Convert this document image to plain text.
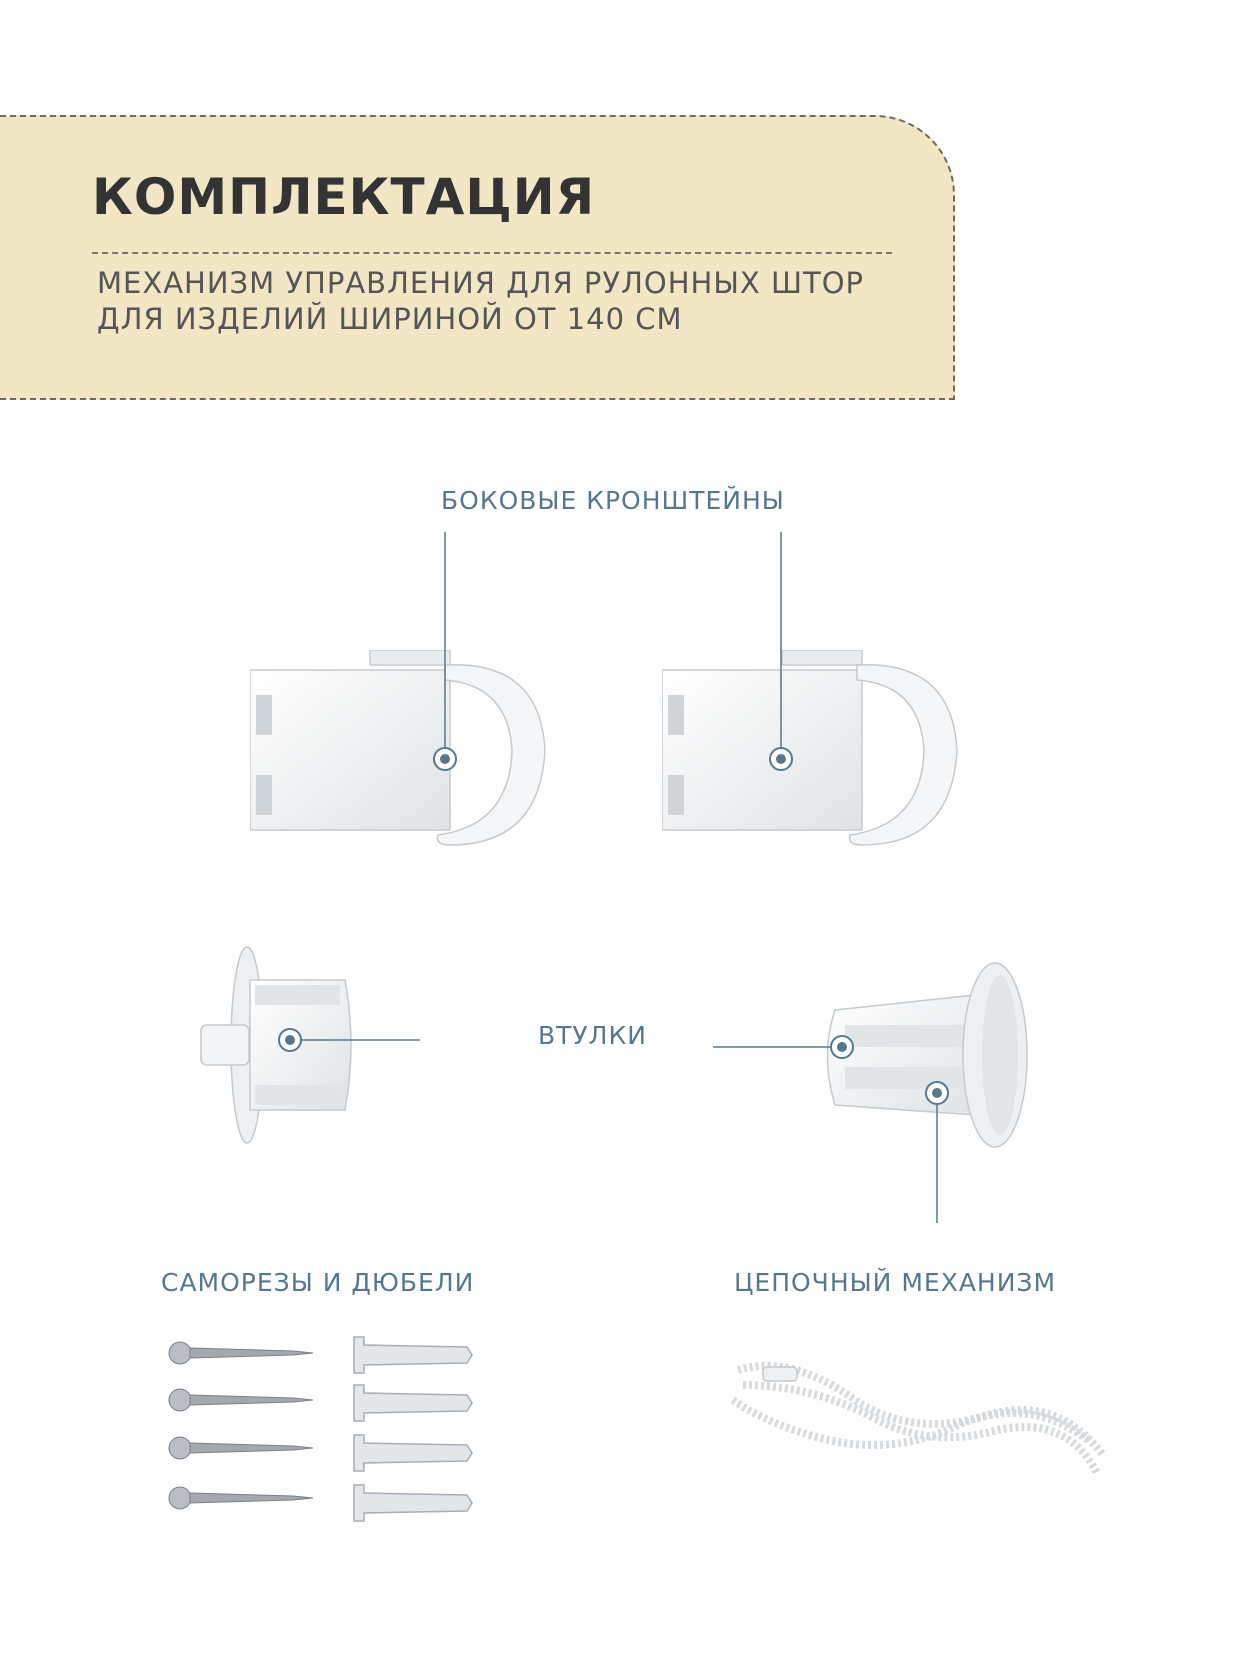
КОМПЛЕКТАЦИЯ
МЕХАНИЗМ УПРАВЛЕНИЯ ДЛЯ РУЛОННЫХ ШТОР
ДЛЯ ИЗДЕЛИЙ ШИРИНОЙ ОТ 140 СМ
БОКОВЫЕ КРОНШТЕЙНЫ
ВТУЛКИ
САМОРЕЗЫ И ДЮБЕЛИ	ЦЕПОЧНЫЙ МЕХАНИЗМ
